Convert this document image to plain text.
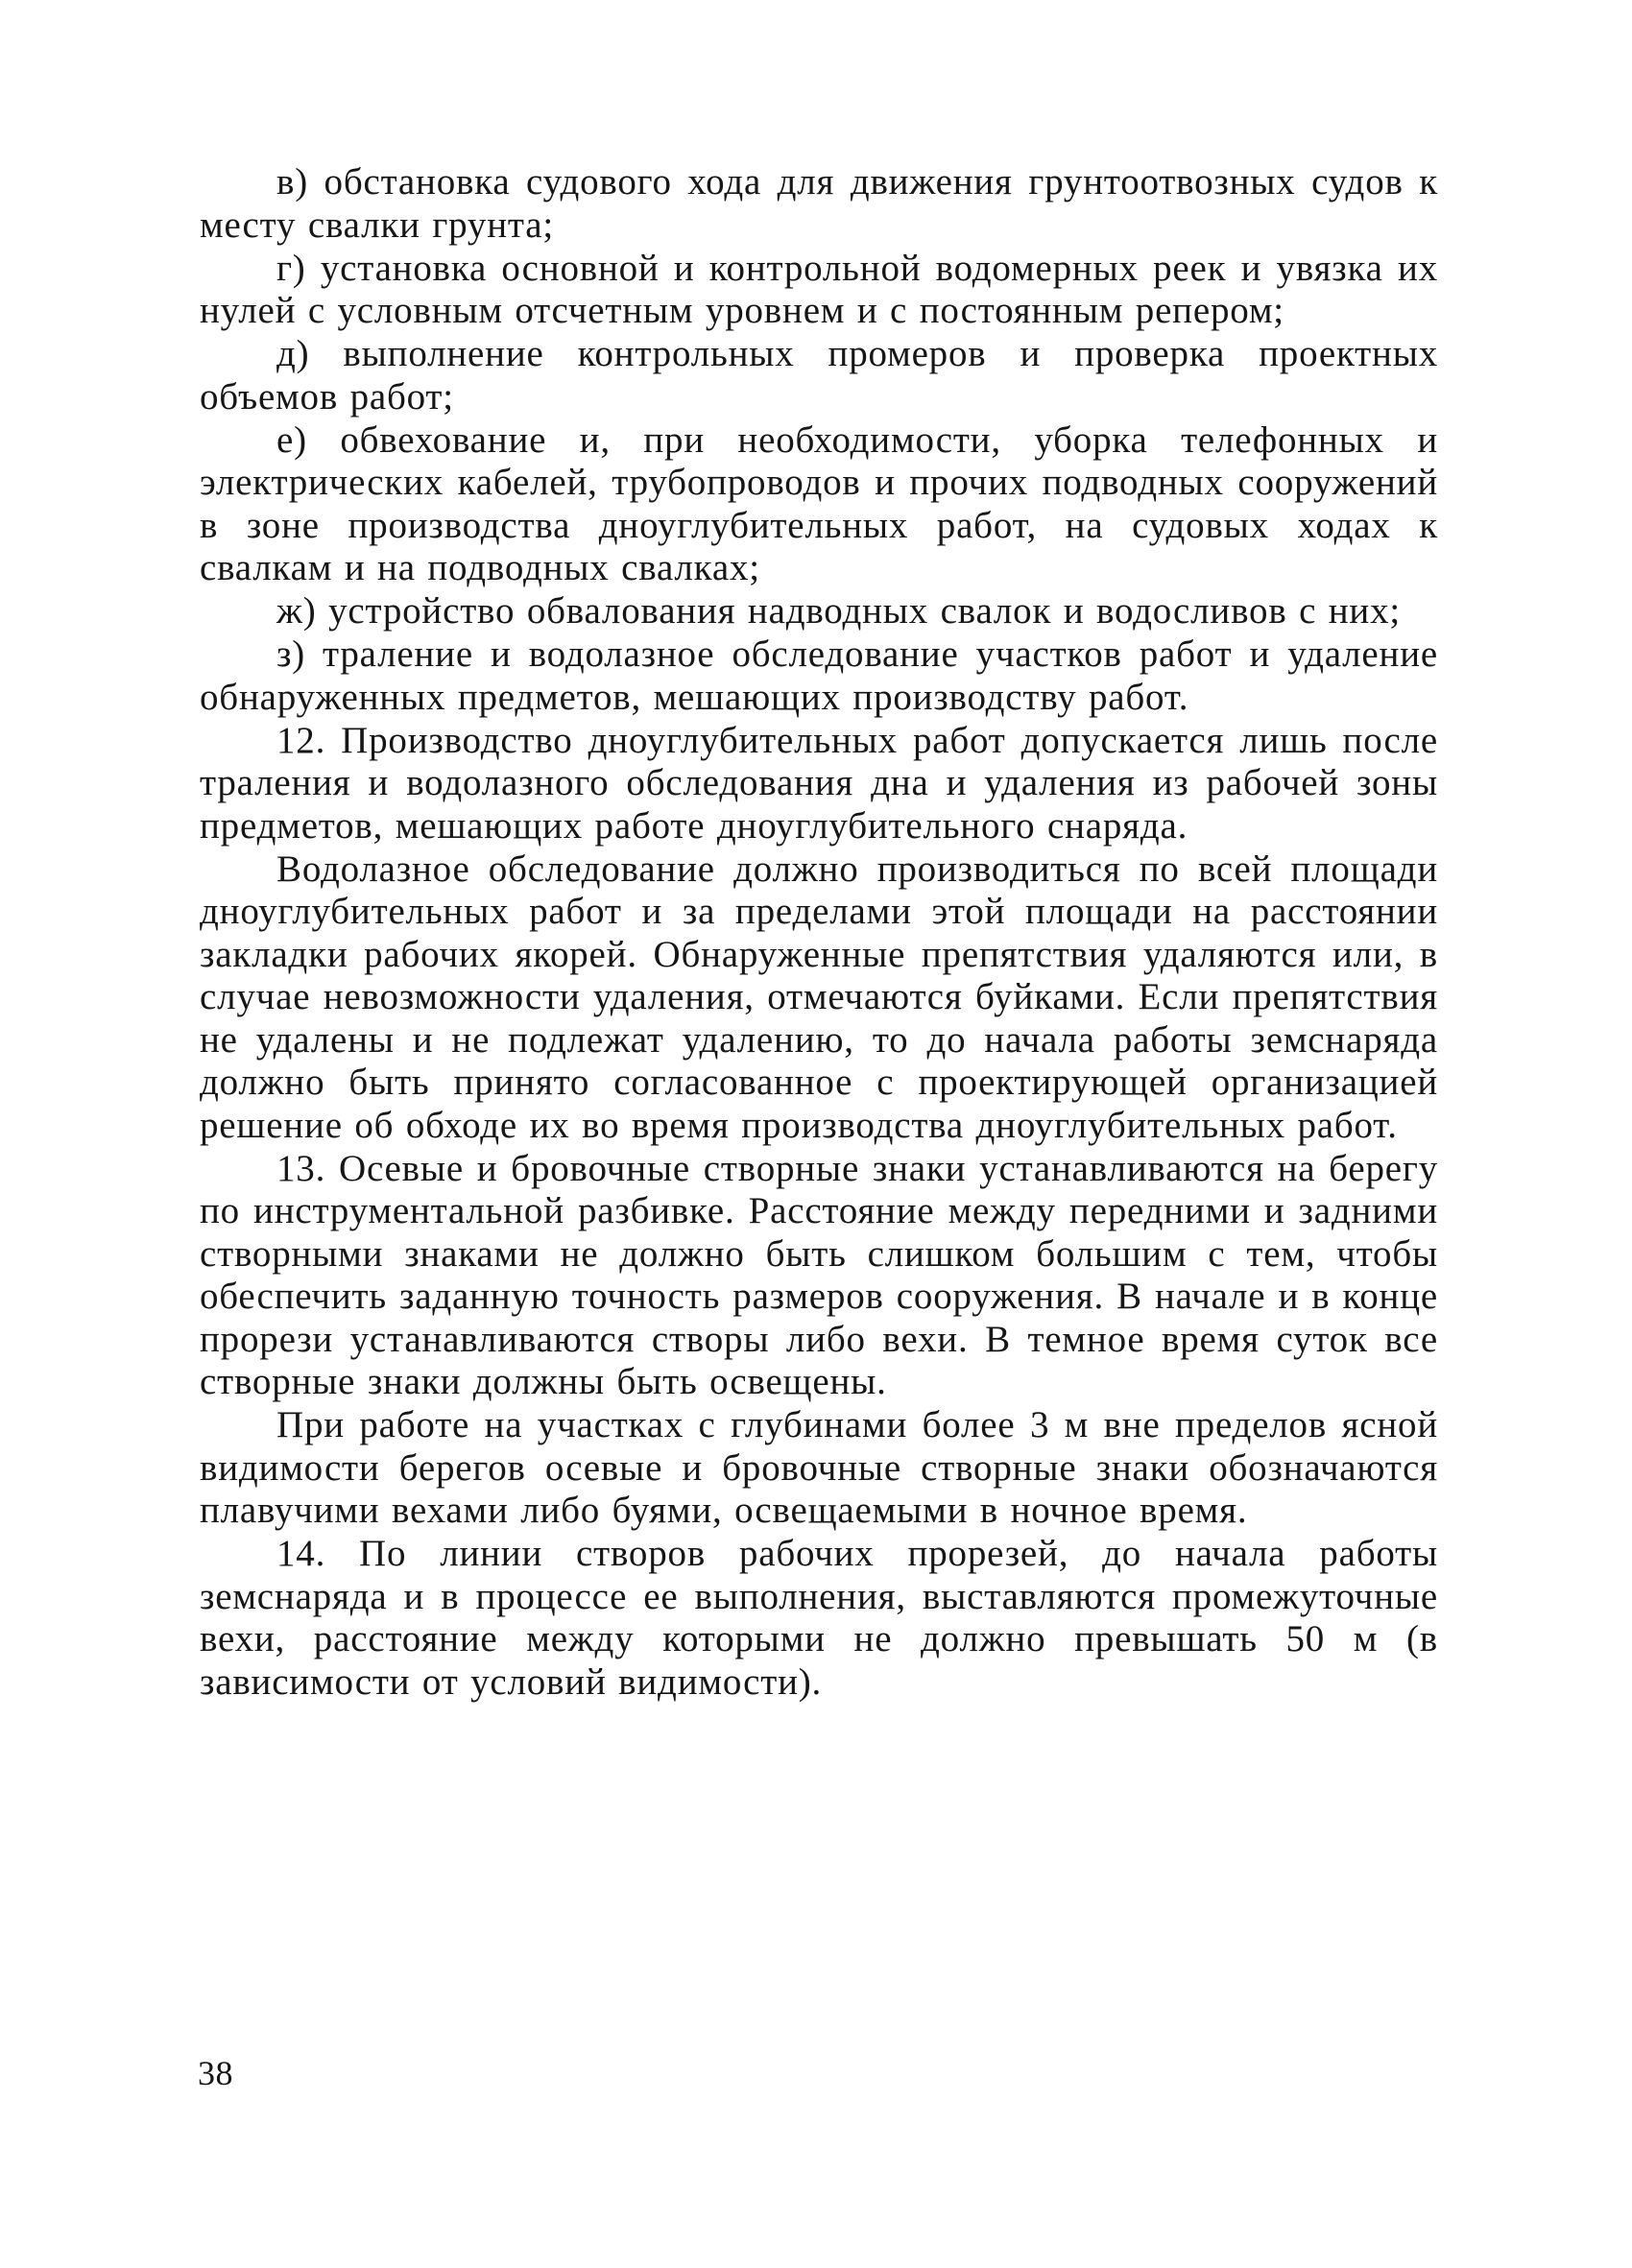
в) обстановка судового хода для движения грунтоотвозных судов к месту свалки грунта;

г) установка основной и контрольной водомерных реек и увязка их нулей с условным отсчетным уровнем и с постоянным репером;

д) выполнение контрольных промеров и проверка проектных объемов работ;

е) обвехование и, при необходимости, уборка телефонных и электрических кабелей, трубопроводов и прочих подводных сооружений в зоне производства дноуглубительных работ, на судовых ходах к свалкам и на подводных свалках;

ж) устройство обвалования надводных свалок и водосливов с них;

з) траление и водолазное обследование участков работ и удаление обнаруженных предметов, мешающих производству работ.

12. Производство дноуглубительных работ допускается лишь после траления и водолазного обследования дна и удаления из рабочей зоны предметов, мешающих работе дноуглубительного снаряда.

Водолазное обследование должно производиться по всей площади дноуглубительных работ и за пределами этой площади на расстоянии закладки рабочих якорей. Обнаруженные препятствия удаляются или, в случае невозможности удаления, отмечаются буйками. Если препятствия не удалены и не подлежат удалению, то до начала работы земснаряда должно быть принято согласованное с проектирующей организацией решение об обходе их во время производства дноуглубительных работ.

13. Осевые и бровочные створные знаки устанавливаются на берегу по инструментальной разбивке. Расстояние между передними и задними створными знаками не должно быть слишком большим с тем, чтобы обеспечить заданную точность размеров сооружения. В начале и в конце прорези устанавливаются створы либо вехи. В темное время суток все створные знаки должны быть освещены.

При работе на участках с глубинами более 3 м вне пределов ясной видимости берегов осевые и бровочные створные знаки обозначаются плавучими вехами либо буями, освещаемыми в ночное время.

14. По линии створов рабочих прорезей, до начала работы земснаряда и в процессе ее выполнения, выставляются промежуточные вехи, расстояние между которыми не должно превышать 50 м (в зависимости от условий видимости).

38
